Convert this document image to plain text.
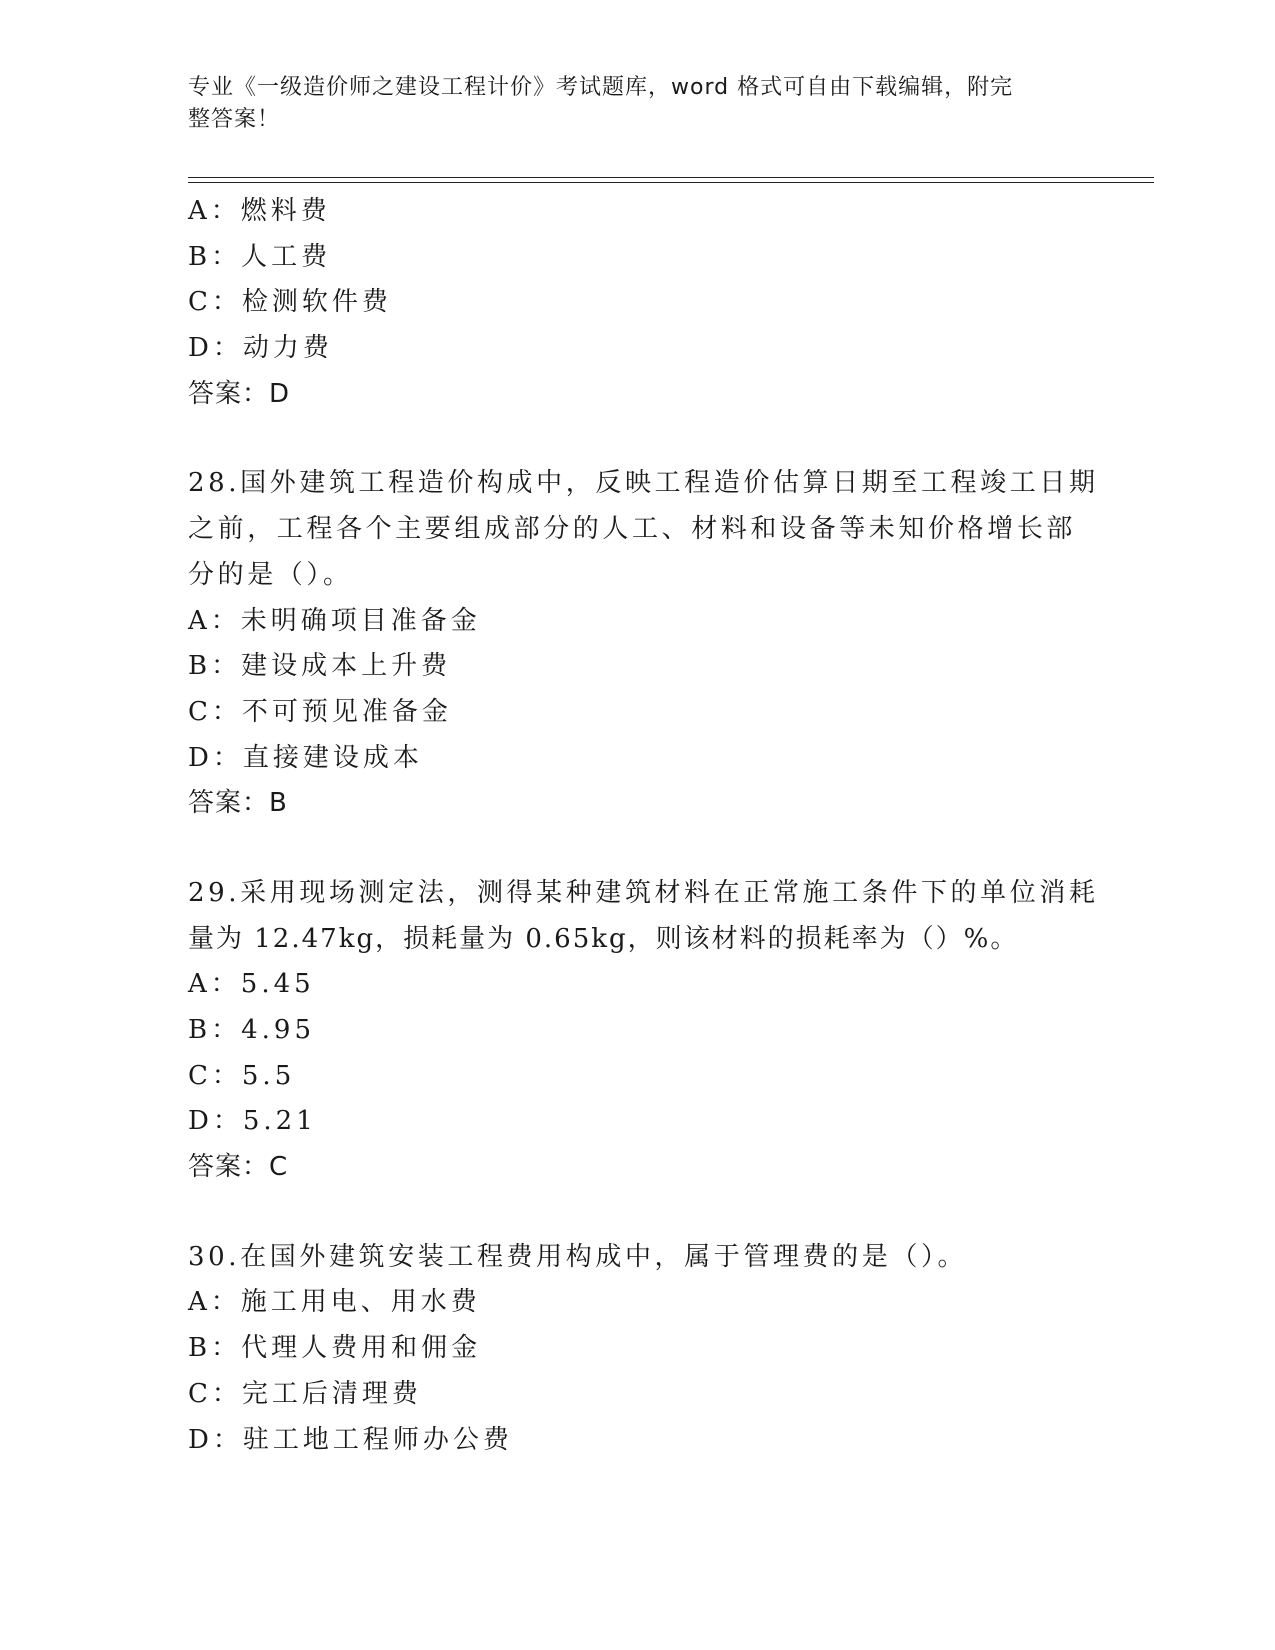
专业《一级造价师之建设工程计价》考试题库，word 格式可自由下载编辑，附完
整答案！
A：燃料费
B：人工费
C：检测软件费
D：动力费
答案：D
28.国外建筑工程造价构成中，反映工程造价估算日期至工程竣工日期
之前，工程各个主要组成部分的人工、材料和设备等未知价格增长部
分的是（）。
A：未明确项目准备金
B：建设成本上升费
C：不可预见准备金
D：直接建设成本
答案：B
29.采用现场测定法，测得某种建筑材料在正常施工条件下的单位消耗
量为 12.47kg，损耗量为 0.65kg，则该材料的损耗率为（）%。
A：5.45
B：4.95
C：5.5
D：5.21
答案：C
30.在国外建筑安装工程费用构成中，属于管理费的是（）。
A：施工用电、用水费
B：代理人费用和佣金
C：完工后清理费
D：驻工地工程师办公费
